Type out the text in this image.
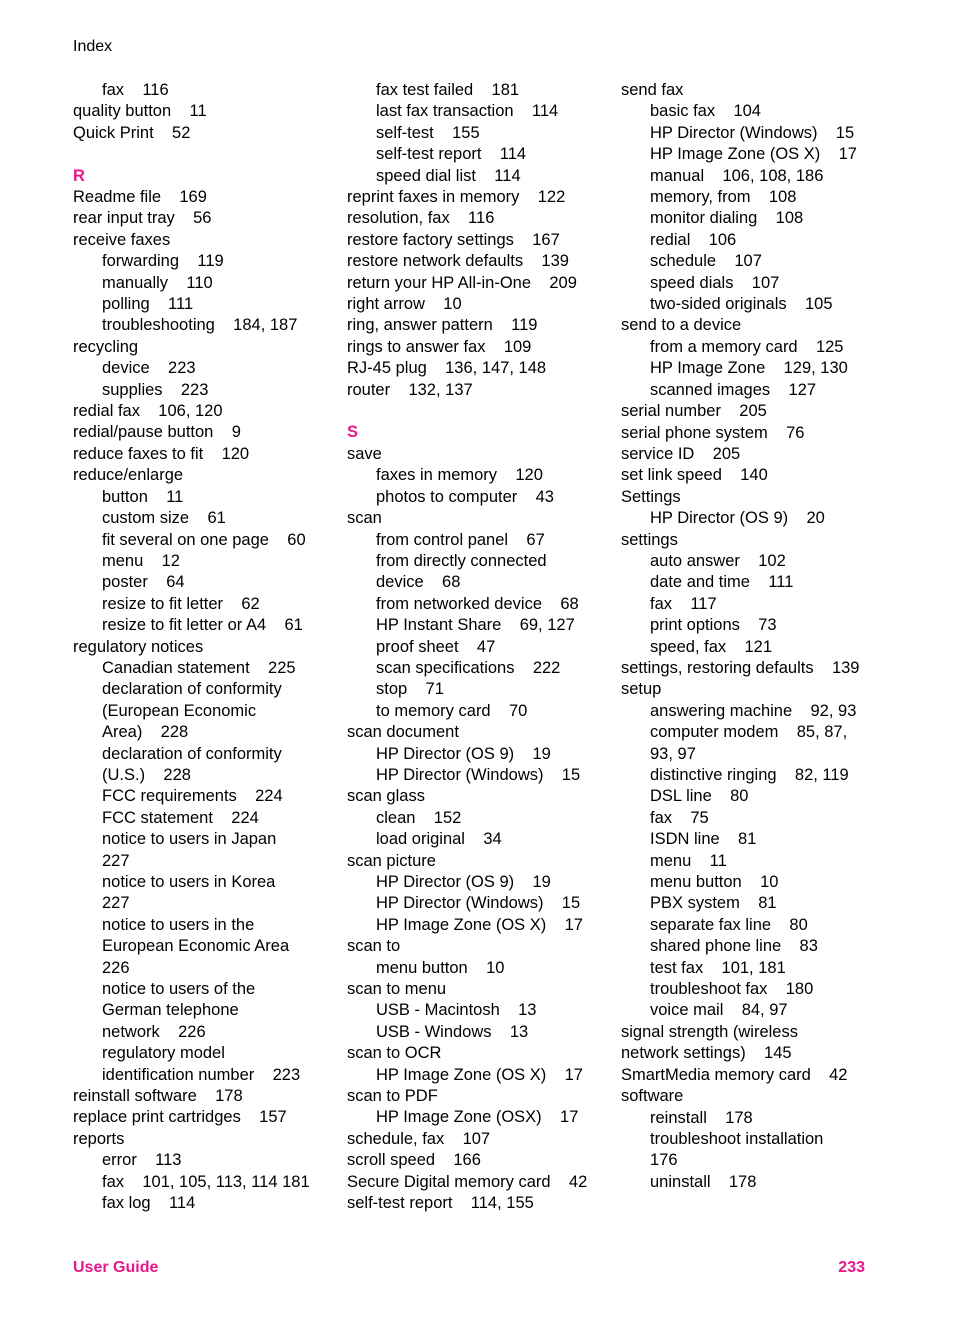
Index
fax    116
quality button    11
Quick Print    52
R
Readme file    169
rear input tray    56
receive faxes
forwarding    119
manually    110
polling    111
troubleshooting    184, 187
recycling
device    223
supplies    223
redial fax    106, 120
redial/pause button    9
reduce faxes to fit    120
reduce/enlarge
button    11
custom size    61
fit several on one page    60
menu    12
poster    64
resize to fit letter    62
resize to fit letter or A4    61
regulatory notices
Canadian statement    225
declaration of conformity
(European Economic
Area)    228
declaration of conformity
(U.S.)    228
FCC requirements    224
FCC statement    224
notice to users in Japan
227
notice to users in Korea
227
notice to users in the
European Economic Area
226
notice to users of the
German telephone
network    226
regulatory model
identification number    223
reinstall software    178
replace print cartridges    157
reports
error    113
fax    101, 105, 113, 114 181
fax log    114
fax test failed    181
last fax transaction    114
self-test    155
self-test report    114
speed dial list    114
reprint faxes in memory    122
resolution, fax    116
restore factory settings    167
restore network defaults    139
return your HP All-in-One    209
right arrow    10
ring, answer pattern    119
rings to answer fax    109
RJ-45 plug    136, 147, 148
router    132, 137
S
save
faxes in memory    120
photos to computer    43
scan
from control panel    67
from directly connected
device    68
from networked device    68
HP Instant Share    69, 127
proof sheet    47
scan specifications    222
stop    71
to memory card    70
scan document
HP Director (OS 9)    19
HP Director (Windows)    15
scan glass
clean    152
load original    34
scan picture
HP Director (OS 9)    19
HP Director (Windows)    15
HP Image Zone (OS X)    17
scan to
menu button    10
scan to menu
USB - Macintosh    13
USB - Windows    13
scan to OCR
HP Image Zone (OS X)    17
scan to PDF
HP Image Zone (OSX)    17
schedule, fax    107
scroll speed    166
Secure Digital memory card    42
self-test report    114, 155
send fax
basic fax    104
HP Director (Windows)    15
HP Image Zone (OS X)    17
manual    106, 108, 186
memory, from    108
monitor dialing    108
redial    106
schedule    107
speed dials    107
two-sided originals    105
send to a device
from a memory card    125
HP Image Zone    129, 130
scanned images    127
serial number    205
serial phone system    76
service ID    205
set link speed    140
Settings
HP Director (OS 9)    20
settings
auto answer    102
date and time    111
fax    117
print options    73
speed, fax    121
settings, restoring defaults    139
setup
answering machine    92, 93
computer modem    85, 87,
93, 97
distinctive ringing    82, 119
DSL line    80
fax    75
ISDN line    81
menu    11
menu button    10
PBX system    81
separate fax line    80
shared phone line    83
test fax    101, 181
troubleshoot fax    180
voice mail    84, 97
signal strength (wireless
network settings)    145
SmartMedia memory card    42
software
reinstall    178
troubleshoot installation
176
uninstall    178
User Guide	233
